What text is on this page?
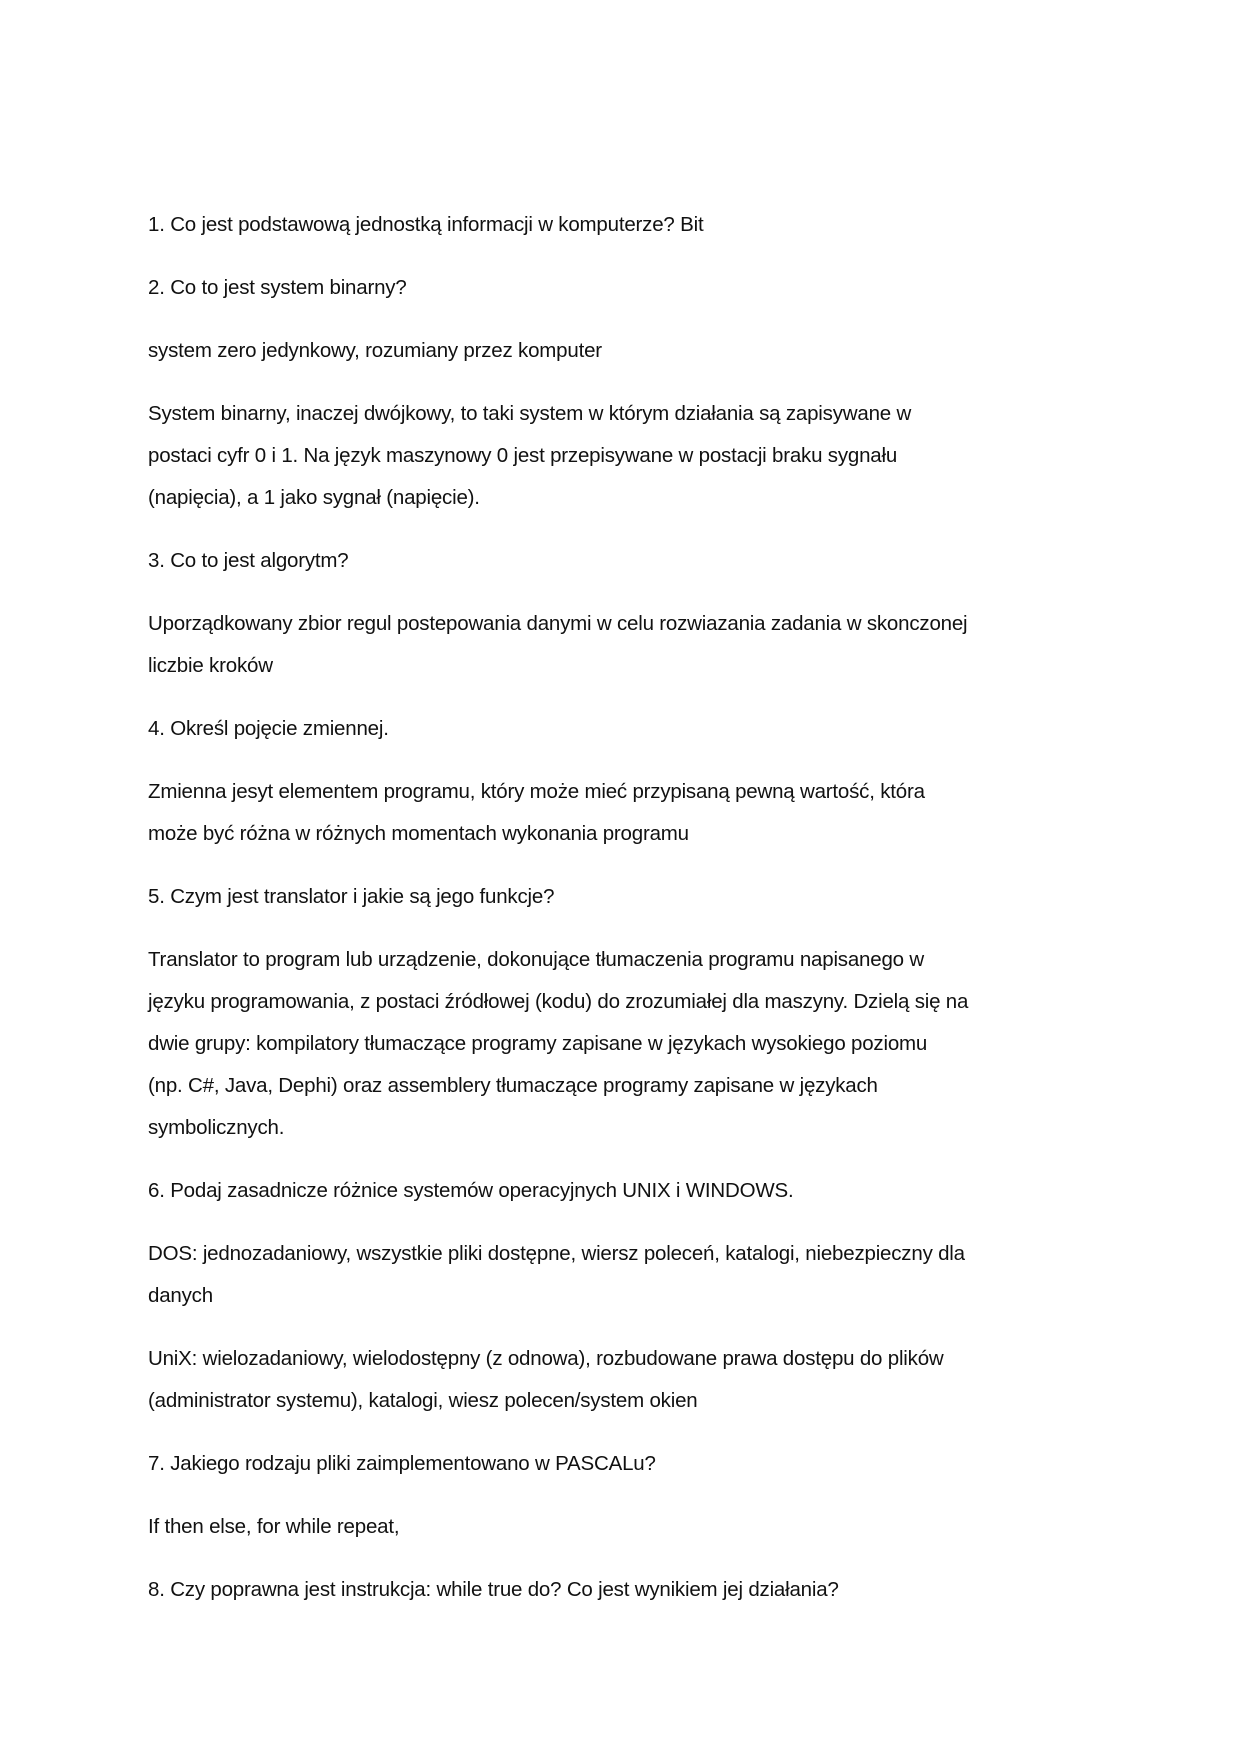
1. Co jest podstawową jednostką informacji w komputerze? Bit
2. Co to jest system binarny?
system zero jedynkowy, rozumiany przez komputer
System binarny, inaczej dwójkowy, to taki system w którym działania są zapisywane w
postaci cyfr 0 i 1. Na język maszynowy 0 jest przepisywane w postacji braku sygnału
(napięcia), a 1 jako sygnał (napięcie).
3. Co to jest algorytm?
Uporządkowany zbior regul postepowania danymi w celu rozwiazania zadania w skonczonej
liczbie kroków
4. Określ pojęcie zmiennej.
Zmienna jesyt elementem programu, który może mieć przypisaną pewną wartość, która
może być różna w różnych momentach wykonania programu
5. Czym jest translator i jakie są jego funkcje?
Translator to program lub urządzenie, dokonujące tłumaczenia programu napisanego w
języku programowania, z postaci źródłowej (kodu) do zrozumiałej dla maszyny. Dzielą się na
dwie grupy: kompilatory tłumaczące programy zapisane w językach wysokiego poziomu
(np. C#, Java, Dephi) oraz assemblery tłumaczące programy zapisane w językach
symbolicznych.
6. Podaj zasadnicze różnice systemów operacyjnych UNIX i WINDOWS.
DOS: jednozadaniowy, wszystkie pliki dostępne, wiersz poleceń, katalogi, niebezpieczny dla
danych
UniX: wielozadaniowy, wielodostępny (z odnowa), rozbudowane prawa dostępu do plików
(administrator systemu), katalogi, wiesz polecen/system okien
7. Jakiego rodzaju pliki zaimplementowano w PASCALu?
If then else, for while repeat,
8. Czy poprawna jest instrukcja: while true do? Co jest wynikiem jej działania?
